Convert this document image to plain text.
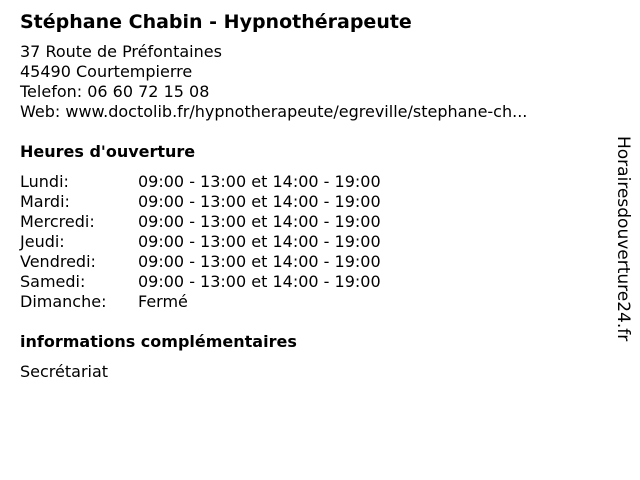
Stéphane Chabin - Hypnothérapeute
37 Route de Préfontaines
45490 Courtempierre
Telefon: 06 60 72 15 08
Web: www.doctolib.fr/hypnotherapeute/egreville/stephane-ch...
Heures d'ouverture
Lundi:	09:00 - 13:00 et 14:00 - 19:00
Mardi:	09:00 - 13:00 et 14:00 - 19:00
Mercredi:	09:00 - 13:00 et 14:00 - 19:00
Jeudi:	09:00 - 13:00 et 14:00 - 19:00
Vendredi:	09:00 - 13:00 et 14:00 - 19:00
Samedi:	09:00 - 13:00 et 14:00 - 19:00
Dimanche:	Fermé
informations complémentaires
Secrétariat
Horairesdouverture24.fr
